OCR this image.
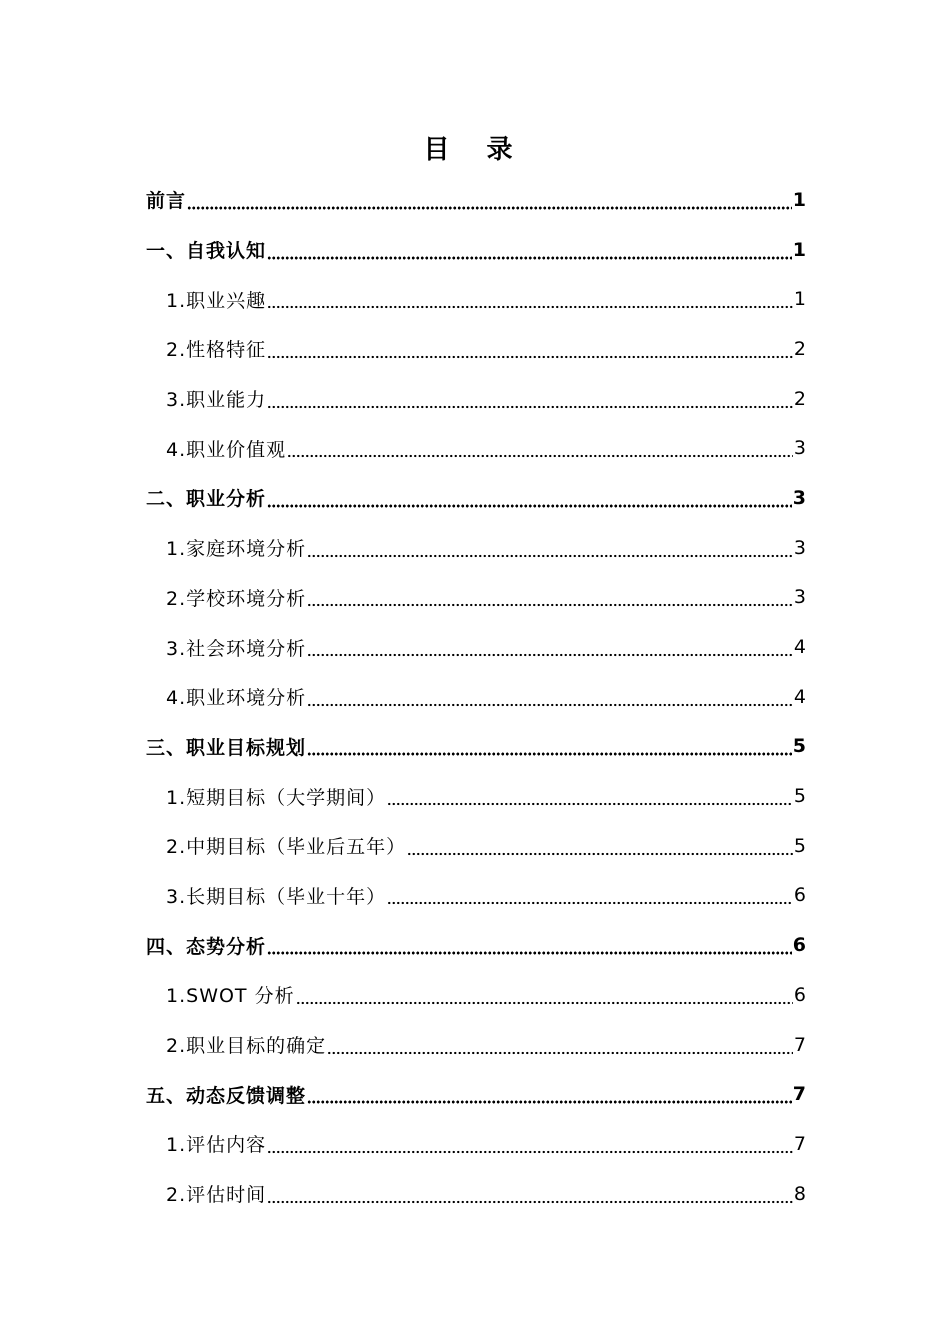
目 录
前言	1
一、自我认知	1
1.职业兴趣	1
2.性格特征	2
3.职业能力	2
4.职业价值观	3
二、职业分析	3
1.家庭环境分析	3
2.学校环境分析	3
3.社会环境分析	4
4.职业环境分析	4
三、职业目标规划	5
1.短期目标（大学期间）	5
2.中期目标（毕业后五年）	5
3.长期目标（毕业十年）	6
四、态势分析	6
1.SWOT 分析	6
2.职业目标的确定	7
五、动态反馈调整	7
1.评估内容	7
2.评估时间	8
